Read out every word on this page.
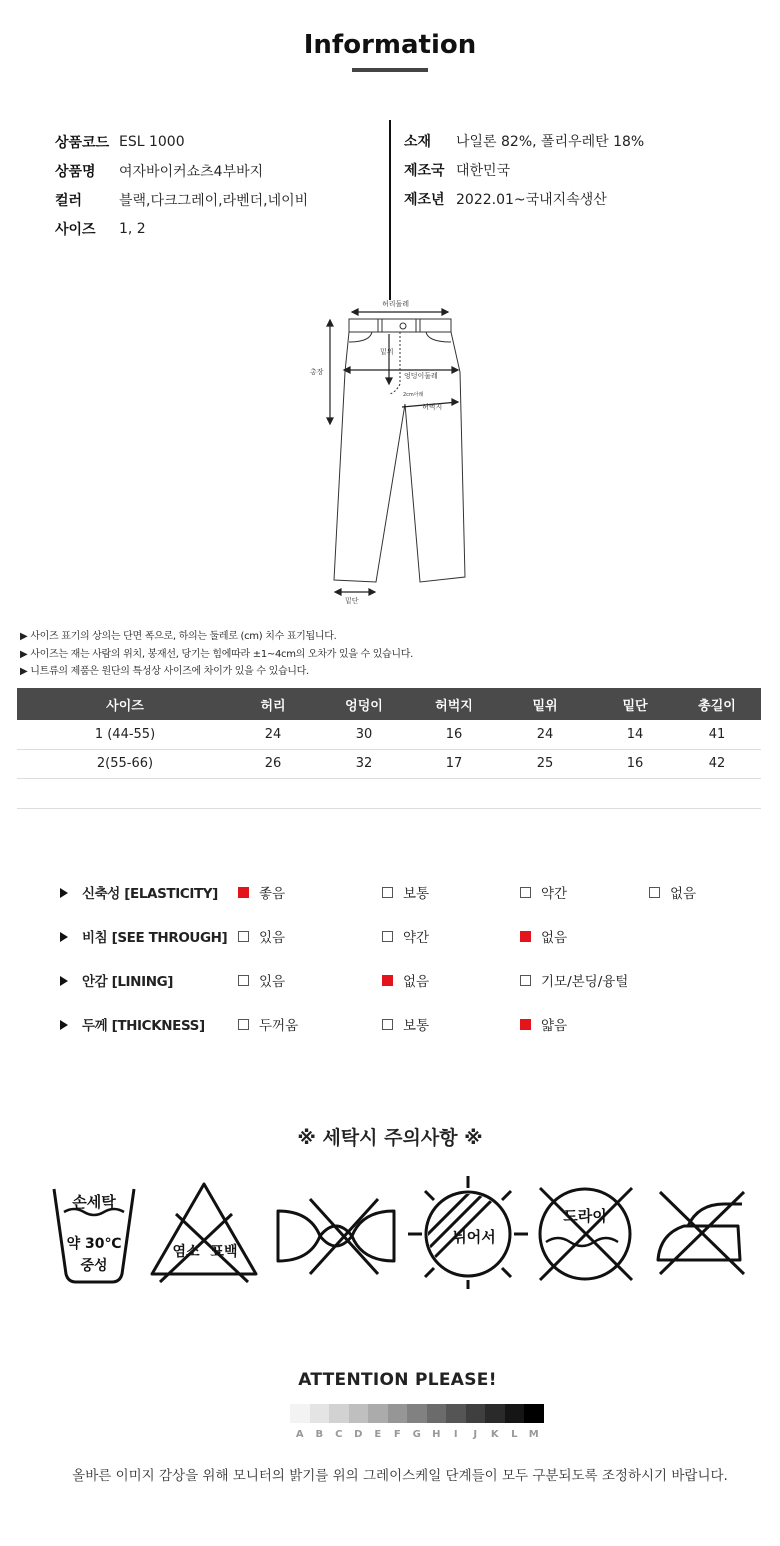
Information
상품코드 ESL 1000
상품명	여자바이커쇼츠4부바지
컬러	블랙,다크그레이,라벤더,네이비
사이즈	1, 2
소재	나일론 82%, 폴리우레탄 18%
제조국 대한민국
제조년 2022.01~국내지속생산
허리둘레
총장
밑위
엉덩이둘레
허벅지
밑단
2cm아래
▶ 사이즈 표기의 상의는 단면 폭으로, 하의는 둘레로 (cm) 치수 표기됩니다.
▶ 사이즈는 재는 사람의 위치, 봉재선, 당기는 힘에따라 ±1~4cm의 오차가 있을 수 있습니다.
▶ 니트류의 제품은 원단의 특성상 사이즈에 차이가 있을 수 있습니다.
사이즈	허리	엉덩이	허벅지	밑위	밑단	총길이
1 (44-55)	24	30	16	24	14	41
2(55-66)	26	32	17	25	16	42

신축성 [ELASTICITY]	좋음	보통	약간	없음
비침 [SEE THROUGH] 있음	약간	없음
안감 [LINING]	있음	없음	기모/본딩/융털
두께 [THICKNESS]	두꺼움	보통	얇음
※ 세탁시 주의사항 ※
손세탁
약 30℃
중성
염소 표백
뉘어서
드라이
ATTENTION PLEASE!
A	B	C	D	E	F	G	H	I	J	K	L	M
올바른 이미지 감상을 위해 모니터의 밝기를 위의 그레이스케일 단계들이 모두 구분되도록 조정하시기 바랍니다.
